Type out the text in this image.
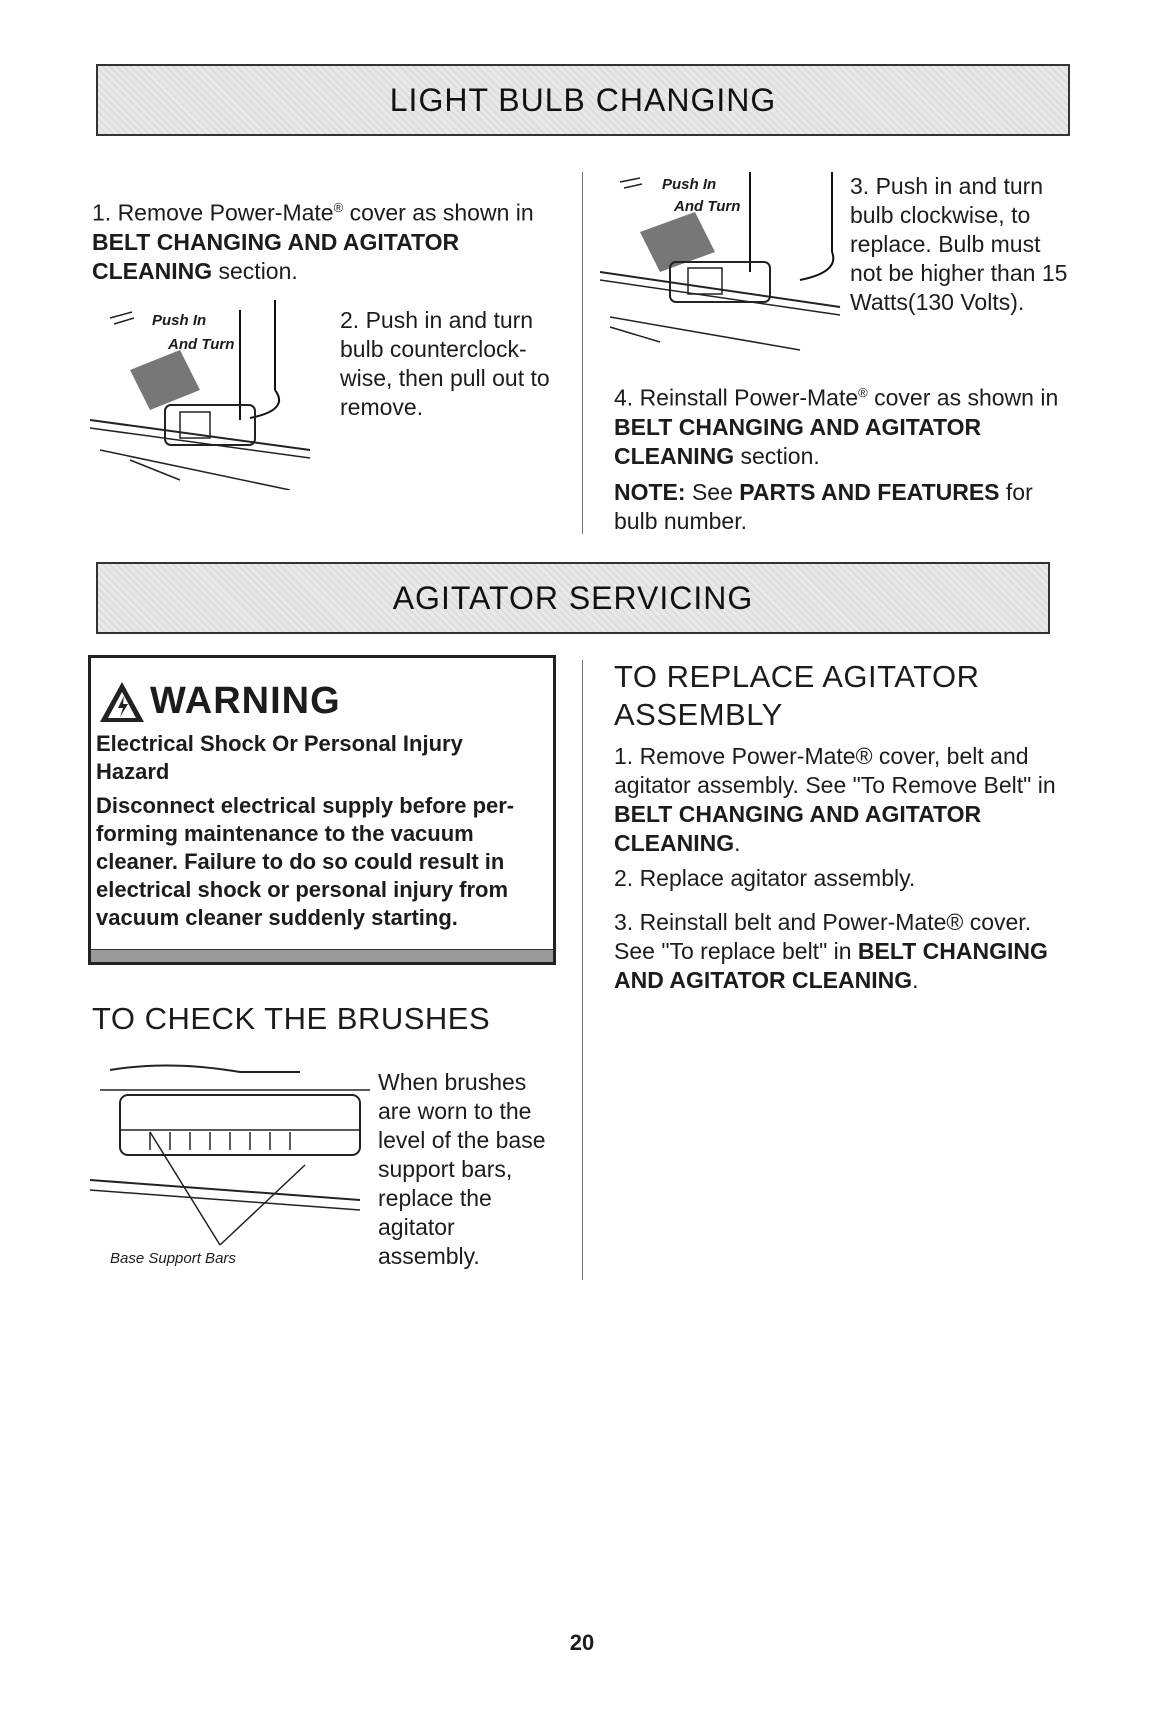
LIGHT BULB CHANGING
1. Remove Power-Mate® cover as shown in
BELT CHANGING AND AGITATOR CLEANING section.
Push In
And Turn
2. Push in and turn bulb counterclock-wise, then pull out to remove.
Push In
And Turn
3. Push in and turn bulb clockwise, to replace. Bulb must not be higher than 15 Watts(130 Volts).
4. Reinstall Power-Mate® cover as shown in
BELT CHANGING AND AGITATOR CLEANING section.
NOTE: See PARTS AND FEATURES for bulb number.
AGITATOR SERVICING
WARNING
Electrical Shock Or Personal Injury Hazard
Disconnect electrical supply before per-forming maintenance to the vacuum cleaner. Failure to do so could result in electrical shock or personal injury from vacuum cleaner suddenly starting.
TO CHECK THE BRUSHES
Base Support Bars
When brushes are worn to the level of the base support bars, replace the agitator assembly.
TO REPLACE AGITATOR ASSEMBLY
1. Remove Power-Mate® cover, belt and agitator assembly. See "To Remove Belt" in BELT CHANGING AND AGITATOR CLEANING.
2. Replace agitator assembly.
3. Reinstall belt and Power-Mate® cover. See "To replace belt" in BELT CHANGING AND AGITATOR CLEANING.
20
